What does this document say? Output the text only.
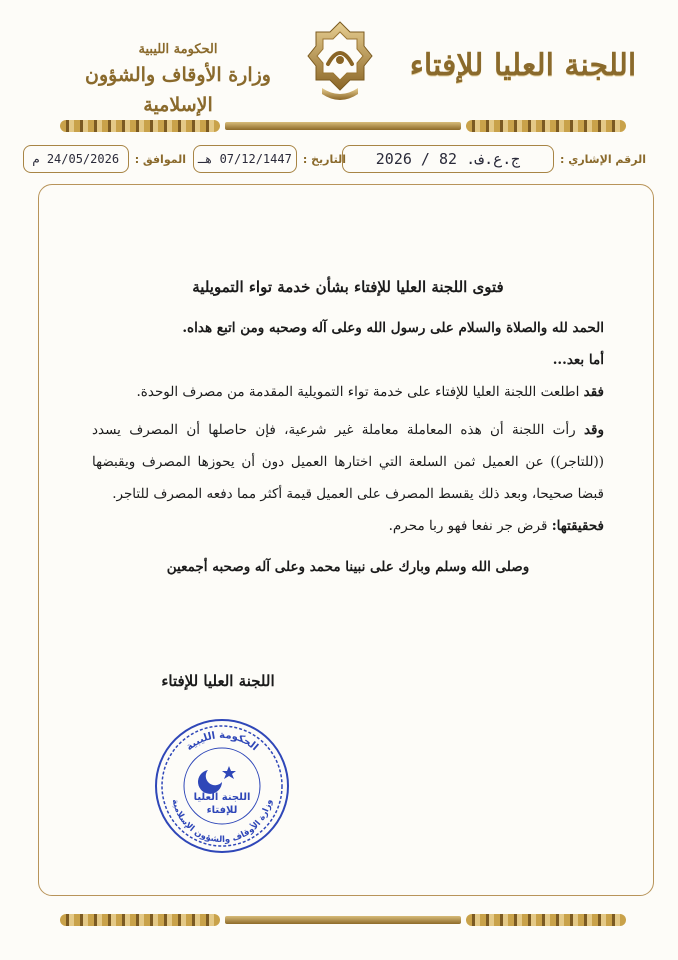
اللجنة العليا للإفتاء
الحكومة الليبية
وزارة الأوقاف والشؤون الإسلامية
الرقم الإشاري :
ج.ع.ف. 82 / 2026
التاريخ :
07/12/1447 هـ
الموافق :
24/05/2026 م
فتوى اللجنة العليا للإفتاء بشأن خدمة تواء التمويلية
الحمد لله والصلاة والسلام على رسول الله وعلى آله وصحبه ومن اتبع هداه.
أما بعد...
فقد اطلعت اللجنة العليا للإفتاء على خدمة تواء التمويلية المقدمة من مصرف الوحدة.
وقد رأت اللجنة أن هذه المعاملة معاملة غير شرعية، فإن حاصلها أن المصرف يسدد ((للتاجر)) عن العميل ثمن السلعة التي اختارها العميل دون أن يحوزها المصرف ويقبضها قبضا صحيحا، وبعد ذلك يقسط المصرف على العميل قيمة أكثر مما دفعه المصرف للتاجر.
فحقيقتها: قرض جر نفعا فهو ربا محرم.
وصلى الله وسلم وبارك على نبينا محمد وعلى آله وصحبه أجمعين
اللجنة العليا للإفتاء
الحكومة الليبية
وزارة الأوقاف والشؤون الإسلامية
اللجنة العليا
للإفتاء
